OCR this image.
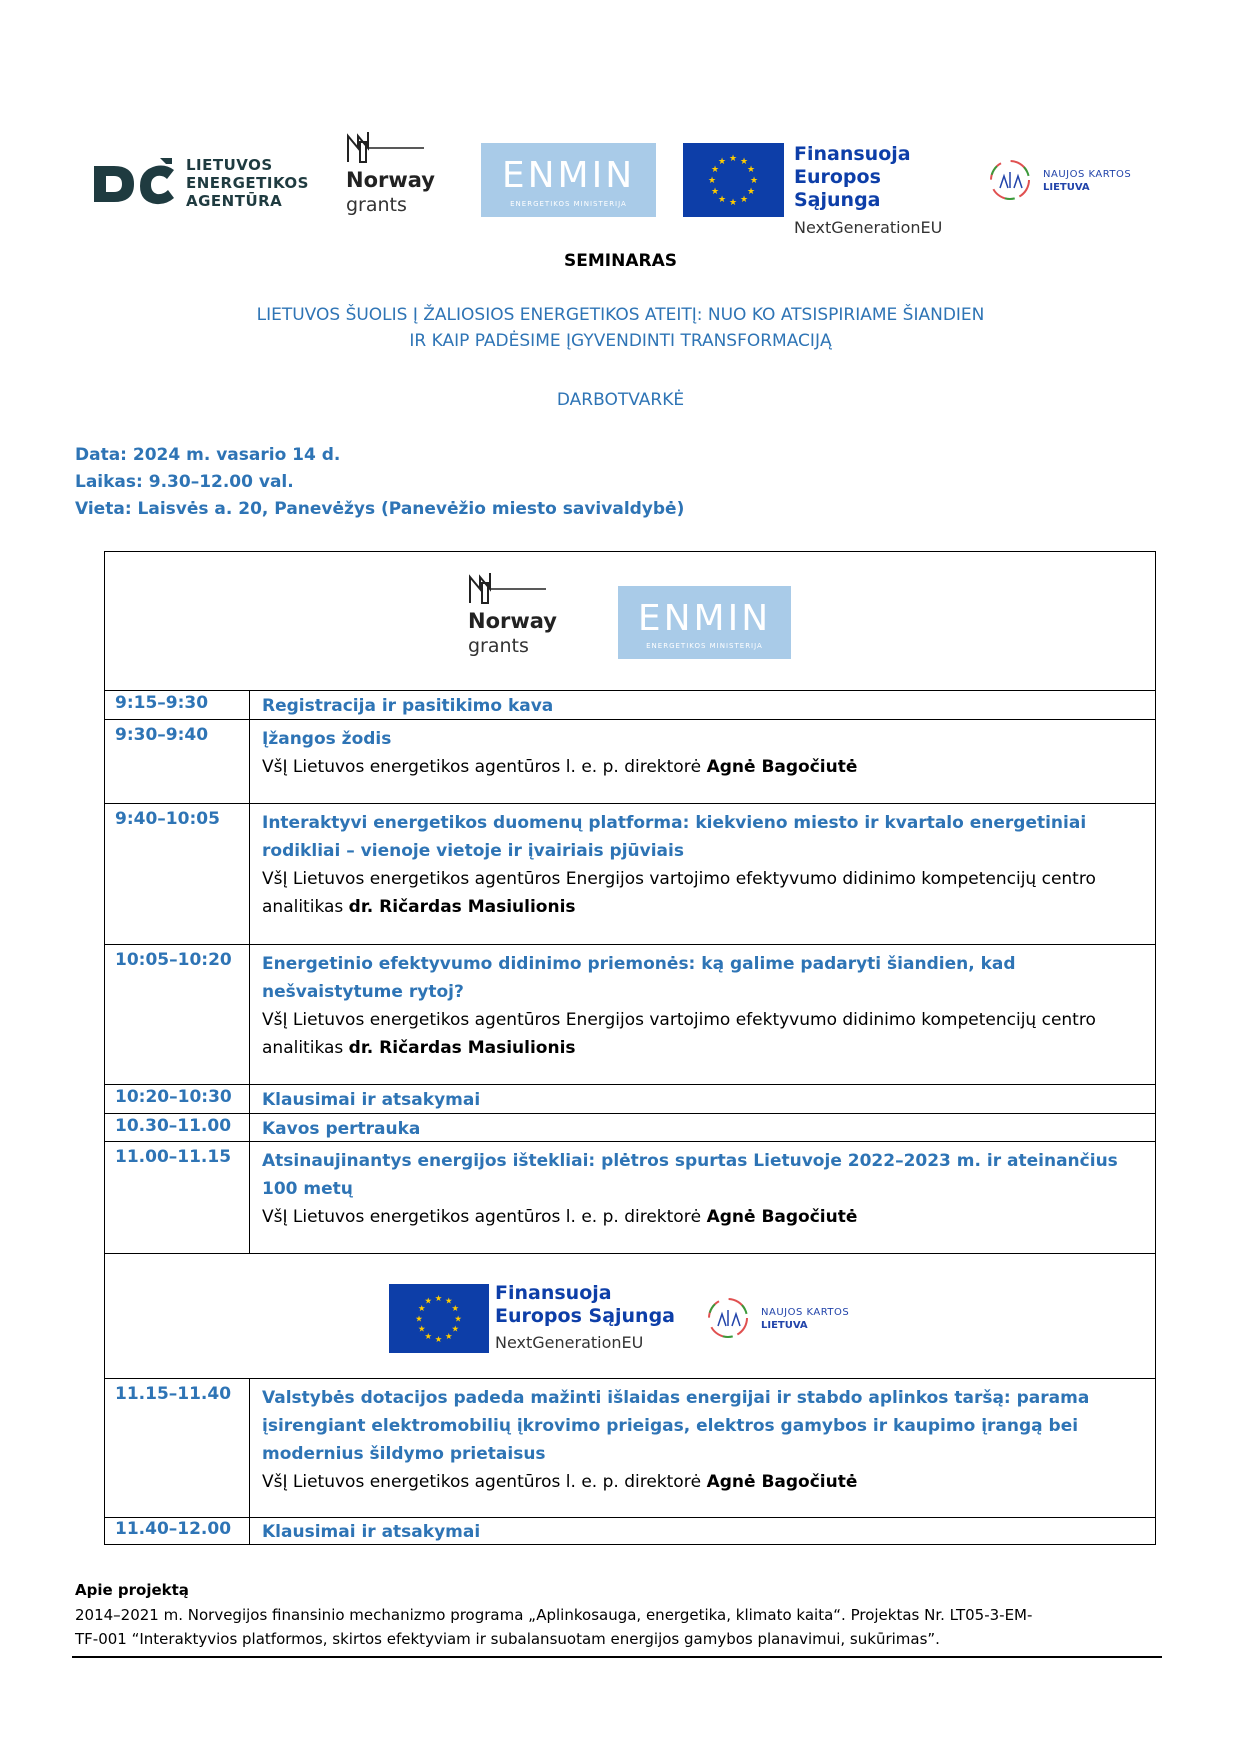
LIETUVOS
ENERGETIKOS
AGENTŪRA
Norway
grants
ENMIN
ENERGETIKOS MINISTERIJA
★ ★
★
★
★
★
★
★
★
★
★
★	Finansuoja
Europos Sąjunga
NextGenerationEU
NAUJOS KARTOS
LIETUVA
SEMINARAS
LIETUVOS ŠUOLIS Į ŽALIOSIOS ENERGETIKOS ATEITĮ: NUO KO ATSISPIRIAME ŠIANDIEN
IR KAIP PADĖSIME ĮGYVENDINTI TRANSFORMACIJĄ
DARBOTVARKĖ
Data: 2024 m. vasario 14 d.
Laikas: 9.30–12.00 val.
Vieta: Laisvės a. 20, Panevėžys (Panevėžio miesto savivaldybė)
Norway
grants
ENMIN
ENERGETIKOS MINISTERIJA
9:15–9:30	Registracija ir pasitikimo kava
9:30–9:40	Įžangos žodis
VšĮ Lietuvos energetikos agentūros l. e. p. direktorė Agnė Bagočiutė
9:40–10:05 Interaktyvi energetikos duomenų platforma: kiekvieno miesto ir kvartalo energetiniai rodikliai – vienoje vietoje ir įvairiais pjūviais
VšĮ Lietuvos energetikos agentūros Energijos vartojimo efektyvumo didinimo kompetencijų centro analitikas dr. Ričardas Masiulionis
10:05–10:20 Energetinio efektyvumo didinimo priemonės: ką galime padaryti šiandien, kad nešvaistytume rytoj?
VšĮ Lietuvos energetikos agentūros Energijos vartojimo efektyvumo didinimo kompetencijų centro analitikas dr. Ričardas Masiulionis
10:20–10:30 Klausimai ir atsakymai
10.30–11.00 Kavos pertrauka
11.00–11.15 Atsinaujinantys energijos ištekliai: plėtros spurtas Lietuvoje 2022–2023 m. ir ateinančius 100 metų
VšĮ Lietuvos energetikos agentūros l. e. p. direktorė Agnė Bagočiutė
★ ★
★
★
★
★
★
★
★
★
★
★	Finansuoja
Europos Sąjunga
NextGenerationEU
NAUJOS KARTOS
LIETUVA
11.15–11.40 Valstybės dotacijos padeda mažinti išlaidas energijai ir stabdo aplinkos taršą: parama įsirengiant elektromobilių įkrovimo prieigas, elektros gamybos ir kaupimo įrangą bei modernius šildymo prietaisus
VšĮ Lietuvos energetikos agentūros l. e. p. direktorė Agnė Bagočiutė
11.40–12.00 Klausimai ir atsakymai
Apie projektą
2014–2021 m. Norvegijos finansinio mechanizmo programa „Aplinkosauga, energetika, klimato kaita“. Projektas Nr. LT05-3-EM-
TF-001 “Interaktyvios platformos, skirtos efektyviam ir subalansuotam energijos gamybos planavimui, sukūrimas”.
